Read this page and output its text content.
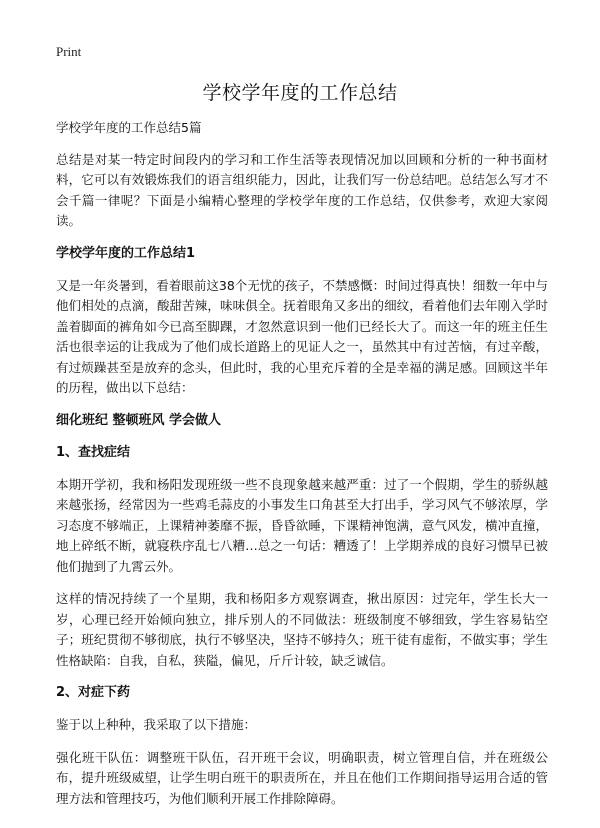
Print
学校学年度的工作总结

学校学年度的工作总结5篇

总结是对某一特定时间段内的学习和工作生活等表现情况加以回顾和分析的一种书面材料，它可以有效锻炼我们的语言组织能力，因此，让我们写一份总结吧。总结怎么写才不会千篇一律呢？下面是小编精心整理的学校学年度的工作总结，仅供参考，欢迎大家阅读。

学校学年度的工作总结1

又是一年炎暑到，看着眼前这38个无忧的孩子，不禁感慨：时间过得真快！细数一年中与他们相处的点滴，酸甜苦辣，味味俱全。抚着眼角又多出的细纹，看着他们去年刚入学时盖着脚面的裤角如今已高至脚踝，才忽然意识到一他们已经长大了。而这一年的班主任生活也很幸运的让我成为了他们成长道路上的见证人之一，虽然其中有过苦恼，有过辛酸，有过烦躁甚至是放弃的念头，但此时，我的心里充斥着的全是幸福的满足感。回顾这半年的历程，做出以下总结：

细化班纪 整顿班风 学会做人
1、查找症结

本期开学初，我和杨阳发现班级一些不良现象越来越严重：过了一个假期，学生的骄纵越来越张扬，经常因为一些鸡毛蒜皮的小事发生口角甚至大打出手，学习风气不够浓厚，学习态度不够端正，上课精神萎靡不振，昏昏欲睡，下课精神饱满，意气风发，横冲直撞，地上碎纸不断，就寝秩序乱七八糟…总之一句话：糟透了！上学期养成的良好习惯早已被他们抛到了九霄云外。

这样的情况持续了一个星期，我和杨阳多方观察调查，揪出原因：过完年，学生长大一岁，心理已经开始倾向独立，排斥别人的不同做法：班级制度不够细致，学生容易钻空子；班纪贯彻不够彻底，执行不够坚决，坚持不够持久；班干徒有虚衔，不做实事；学生性格缺陷：自我，自私，狭隘，偏见，斤斤计较，缺乏诚信。

2、对症下药

鉴于以上种种，我采取了以下措施：

强化班干队伍：调整班干队伍，召开班干会议，明确职责，树立管理自信，并在班级公布，提升班级威望，让学生明白班干的职责所在，并且在他们工作期间指导运用合适的管理方法和管理技巧，为他们顺利开展工作排除障碍。
